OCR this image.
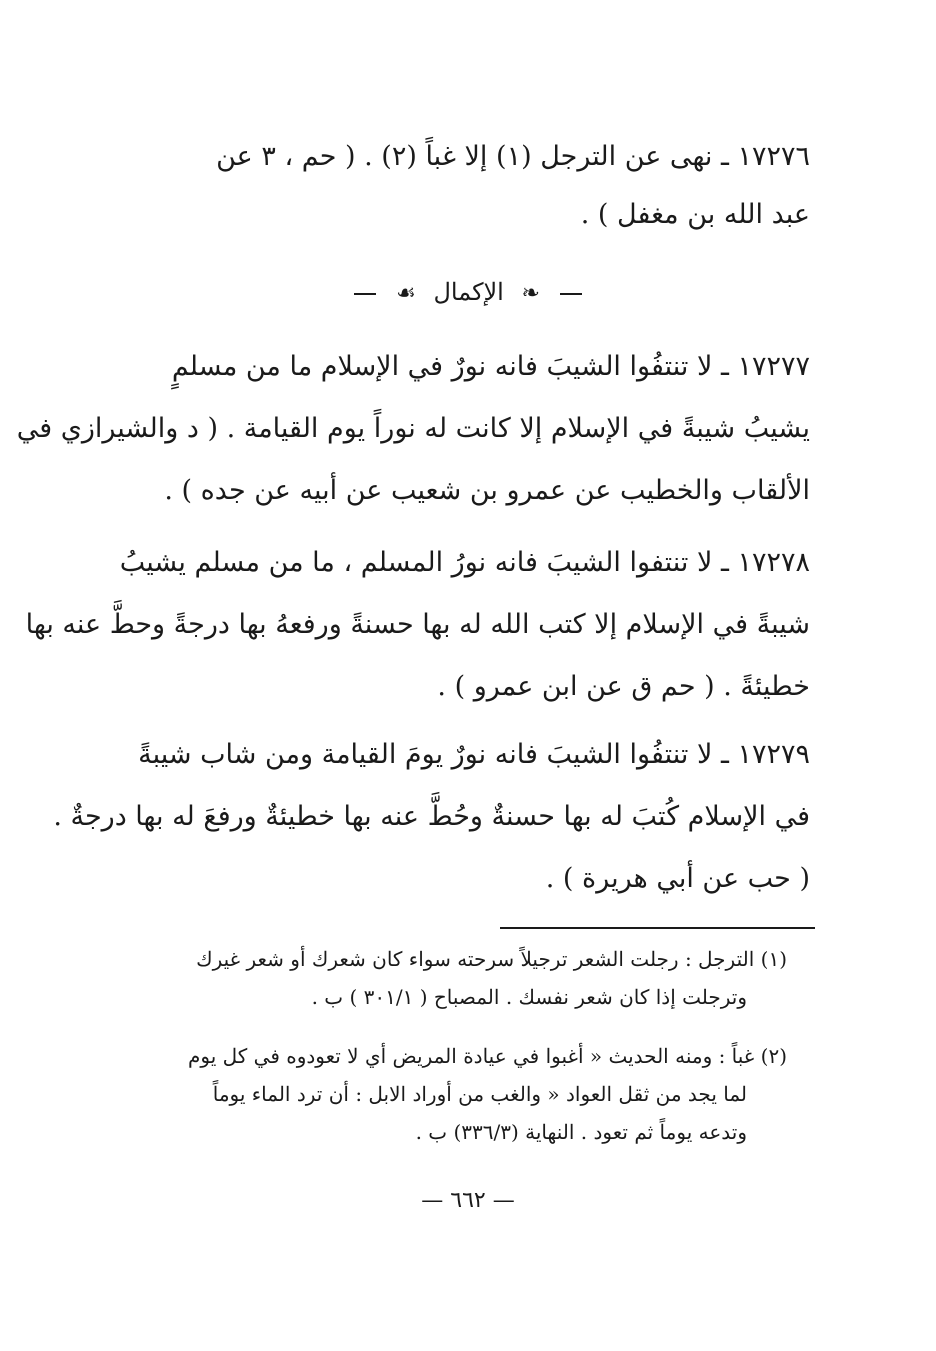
١٧٢٧٦ ـ نهى عن الترجل (١) إلا غباً (٢) . ( حم ، ٣ عن
عبد الله بن مغفل ) .
❧ الإكمال ☙
١٧٢٧٧ ـ لا تنتفُوا الشيبَ فانه نورٌ في الإسلام ما من مسلمٍ
يشيبُ شيبةً في الإسلام إلا كانت له نوراً يوم القيامة . ( د والشيرازي في
الألقاب والخطيب عن عمرو بن شعيب عن أبيه عن جده ) .
١٧٢٧٨ ـ لا تنتفوا الشيبَ فانه نورُ المسلم ، ما من مسلم يشيبُ
شيبةً في الإسلام إلا كتب الله له بها حسنةً ورفعهُ بها درجةً وحطَّ عنه بها
خطيئةً . ( حم ق عن ابن عمرو ) .
١٧٢٧٩ ـ لا تنتفُوا الشيبَ فانه نورٌ يومَ القيامة ومن شاب شيبةً
في الإسلام كُتبَ له بها حسنةٌ وحُطَّ عنه بها خطيئةٌ ورفعَ له بها درجةٌ .
( حب عن أبي هريرة ) .
(١) الترجل : رجلت الشعر ترجيلاً سرحته سواء كان شعرك أو شعر غيرك
وترجلت إذا كان شعر نفسك . المصباح ( ٣٠١/١ ) ب .
(٢) غباً : ومنه الحديث « أغبوا في عيادة المريض أي لا تعودوه في كل يوم
لما يجد من ثقل العواد « والغب من أوراد الابل : أن ترد الماء يوماً
وتدعه يوماً ثم تعود . النهاية (٣٣٦/٣) ب .
— ٦٦٢ —
